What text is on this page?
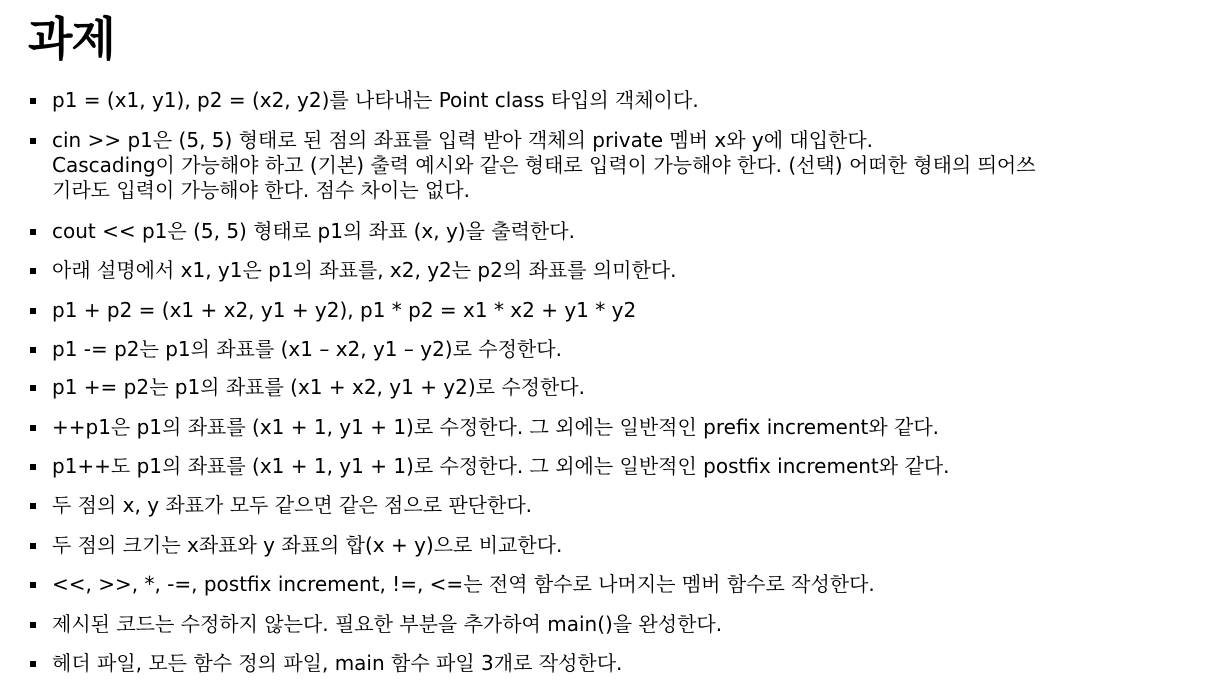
과제
p1 = (x1, y1), p2 = (x2, y2)를 나타내는 Point class 타입의 객체이다.
cin >> p1은 (5, 5) 형태로 된 점의 좌표를 입력 받아 객체의 private 멤버 x와 y에 대입한다.
Cascading이 가능해야 하고 (기본) 출력 예시와 같은 형태로 입력이 가능해야 한다. (선택) 어떠한 형태의 띄어쓰
기라도 입력이 가능해야 한다. 점수 차이는 없다.
cout << p1은 (5, 5) 형태로 p1의 좌표 (x, y)을 출력한다.
아래 설명에서 x1, y1은 p1의 좌표를, x2, y2는 p2의 좌표를 의미한다.
p1 + p2 = (x1 + x2, y1 + y2), p1 * p2 = x1 * x2 + y1 * y2
p1 -= p2는 p1의 좌표를 (x1 – x2, y1 – y2)로 수정한다.
p1 += p2는 p1의 좌표를 (x1 + x2, y1 + y2)로 수정한다.
++p1은 p1의 좌표를 (x1 + 1, y1 + 1)로 수정한다. 그 외에는 일반적인 prefix increment와 같다.
p1++도 p1의 좌표를 (x1 + 1, y1 + 1)로 수정한다. 그 외에는 일반적인 postfix increment와 같다.
두 점의 x, y 좌표가 모두 같으면 같은 점으로 판단한다.
두 점의 크기는 x좌표와 y 좌표의 합(x + y)으로 비교한다.
<<, >>, *, -=, postfix increment, !=, <=는 전역 함수로 나머지는 멤버 함수로 작성한다.
제시된 코드는 수정하지 않는다. 필요한 부분을 추가하여 main()을 완성한다.
헤더 파일, 모든 함수 정의 파일, main 함수 파일 3개로 작성한다.
